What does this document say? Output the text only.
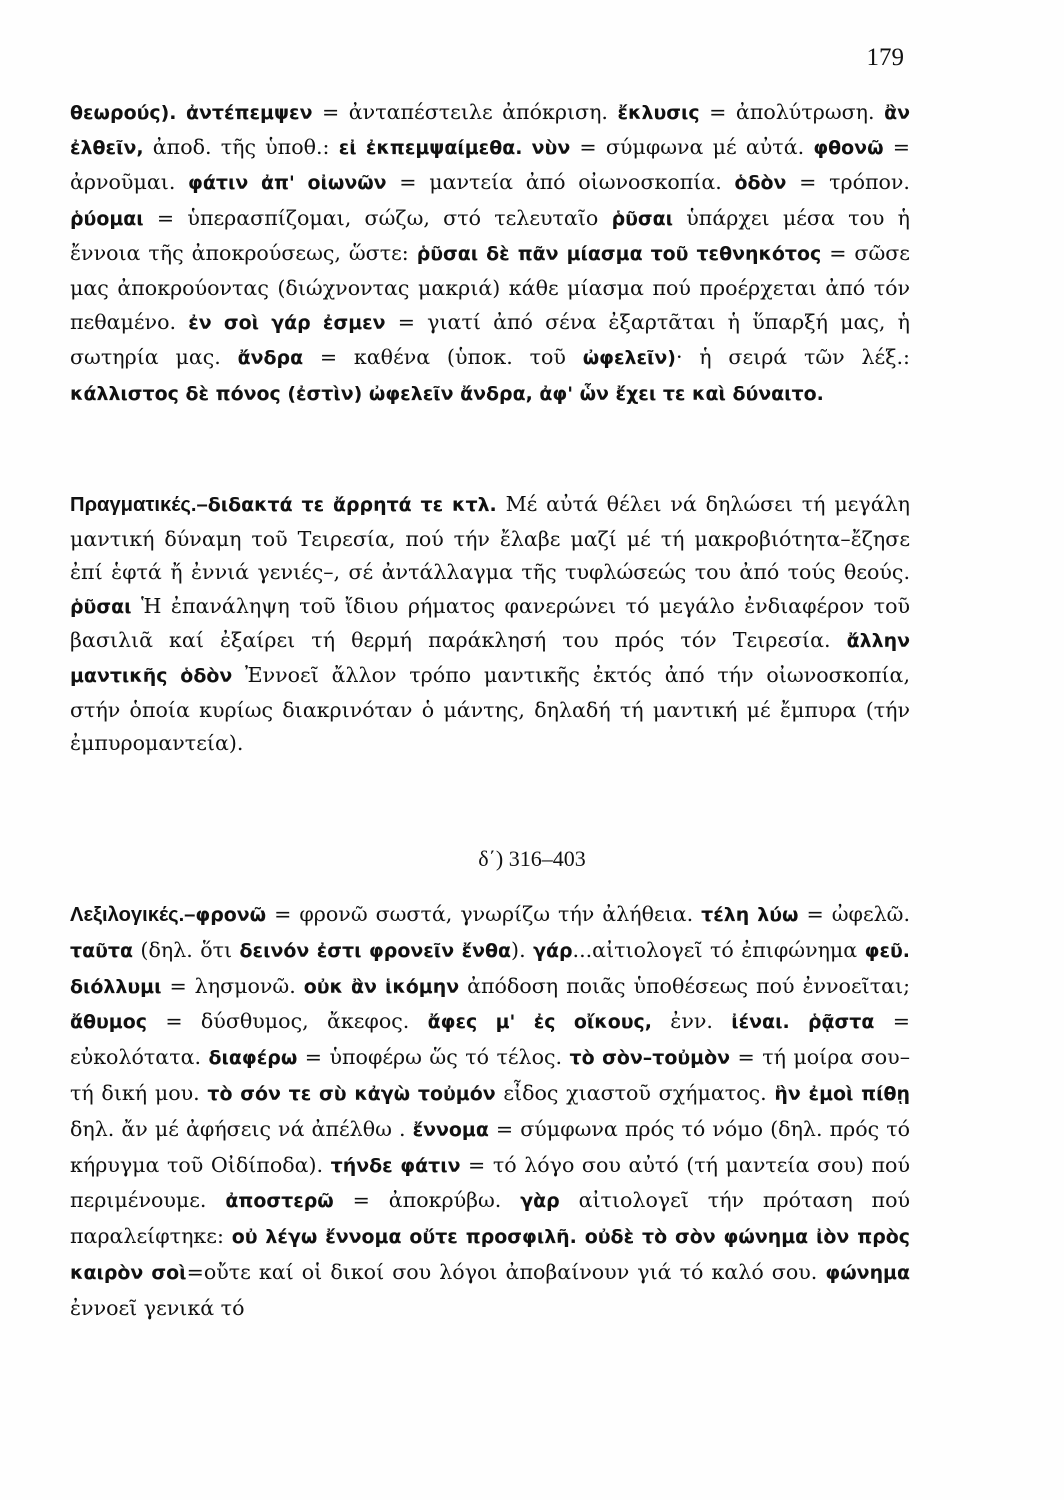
179

θεωρούς). ἀντέπεμψεν = ἀνταπέστειλε ἀπόκριση. ἔκλυσις = ἀπολύτρωση. ἂν ἐλθεῖν, ἀποδ. τῆς ὑποθ.: εἰ ἐκπεμψαίμεθα. νὺν = σύμφωνα μέ αὐτά. φθονῶ = ἀρνοῦμαι. φάτιν ἀπ' οἰωνῶν = μαντεία ἀπό οἰωνοσκοπία. ὁδὸν = τρόπον. ῥύομαι = ὑπερασπίζομαι, σώζω, στό τελευταῖο ῥῦσαι ὑπάρχει μέσα του ἡ ἔννοια τῆς ἀποκρούσεως, ὥστε: ῥῦσαι δὲ πᾶν μίασμα τοῦ τεθνηκότος = σῶσε μας ἀποκρούοντας (διώχνοντας μακριά) κάθε μίασμα πού προέρχεται ἀπό τόν πεθαμένο. ἐν σοὶ γάρ ἐσμεν = γιατί ἀπό σένα ἐξαρτᾶται ἡ ὕπαρξή μας, ἡ σωτηρία μας. ἄνδρα = καθένα (ὑποκ. τοῦ ὠφελεῖν)· ἡ σειρά τῶν λέξ.: κάλλιστος δὲ πόνος (ἐστὶν) ὠφελεῖν ἄνδρα, ἀφ' ὧν ἔχει τε καὶ δύναιτο.

Πραγματικές.–διδακτά τε ἄρρητά τε κτλ. Μέ αὐτά θέλει νά δηλώσει τή μεγάλη μαντική δύναμη τοῦ Τειρεσία, πού τήν ἔλαβε μαζί μέ τή μακροβιότητα–ἔζησε ἐπί ἑφτά ἤ ἐννιά γενιές–, σέ ἀντάλλαγμα τῆς τυφλώσεώς του ἀπό τούς θεούς. ῥῦσαι Ἡ ἐπανάληψη τοῦ ἴδιου ρήματος φανερώνει τό μεγάλο ἐνδιαφέρον τοῦ βασιλιᾶ καί ἐξαίρει τή θερμή παράκλησή του πρός τόν Τειρεσία. ἄλλην μαντικῆς ὁδὸν Ἐννοεῖ ἄλλον τρόπο μαντικῆς ἐκτός ἀπό τήν οἰωνοσκοπία, στήν ὁποία κυρίως διακρινόταν ὁ μάντης, δηλαδή τή μαντική μέ ἔμπυρα (τήν ἐμπυρομαντεία).

δ΄) 316–403

Λεξιλογικές.–φρονῶ = φρονῶ σωστά, γνωρίζω τήν ἀλήθεια. τέλη λύω = ὠφελῶ. ταῦτα (δηλ. ὅτι δεινόν ἐστι φρονεῖν ἔνθα). γάρ...αἰτιολογεῖ τό ἐπιφώνημα φεῦ. διόλλυμι = λησμονῶ. οὐκ ἂν ἱκόμην ἀπόδοση ποιᾶς ὑποθέσεως πού ἐννοεῖται; ἄθυμος = δύσθυμος, ἄκεφος. ἄφες μ' ἐς οἴκους, ἐνν. ἰέναι. ῥᾷστα = εὐκολότατα. διαφέρω = ὑποφέρω ὥς τό τέλος. τὸ σὸν–τοὐμὸν = τή μοίρα σου–τή δική μου. τὸ σόν τε σὺ κἀγὼ τοὐμόν εἶδος χιαστοῦ σχήματος. ἣν ἐμοὶ πίθῃ δηλ. ἄν μέ ἀφήσεις νά ἀπέλθω . ἔννομα = σύμφωνα πρός τό νόμο (δηλ. πρός τό κήρυγμα τοῦ Οἰδίποδα). τήνδε φάτιν = τό λόγο σου αὐτό (τή μαντεία σου) πού περιμένουμε. ἀποστερῶ = ἀποκρύβω. γὰρ αἰτιολογεῖ τήν πρόταση πού παραλείφτηκε: οὐ λέγω ἔννομα οὔτε προσφιλῆ. οὐδὲ τὸ σὸν φώνημα ἰὸν πρὸς καιρὸν σοὶ=οὔτε καί οἱ δικοί σου λόγοι ἀποβαίνουν γιά τό καλό σου. φώνημα ἐννοεῖ γενικά τό
